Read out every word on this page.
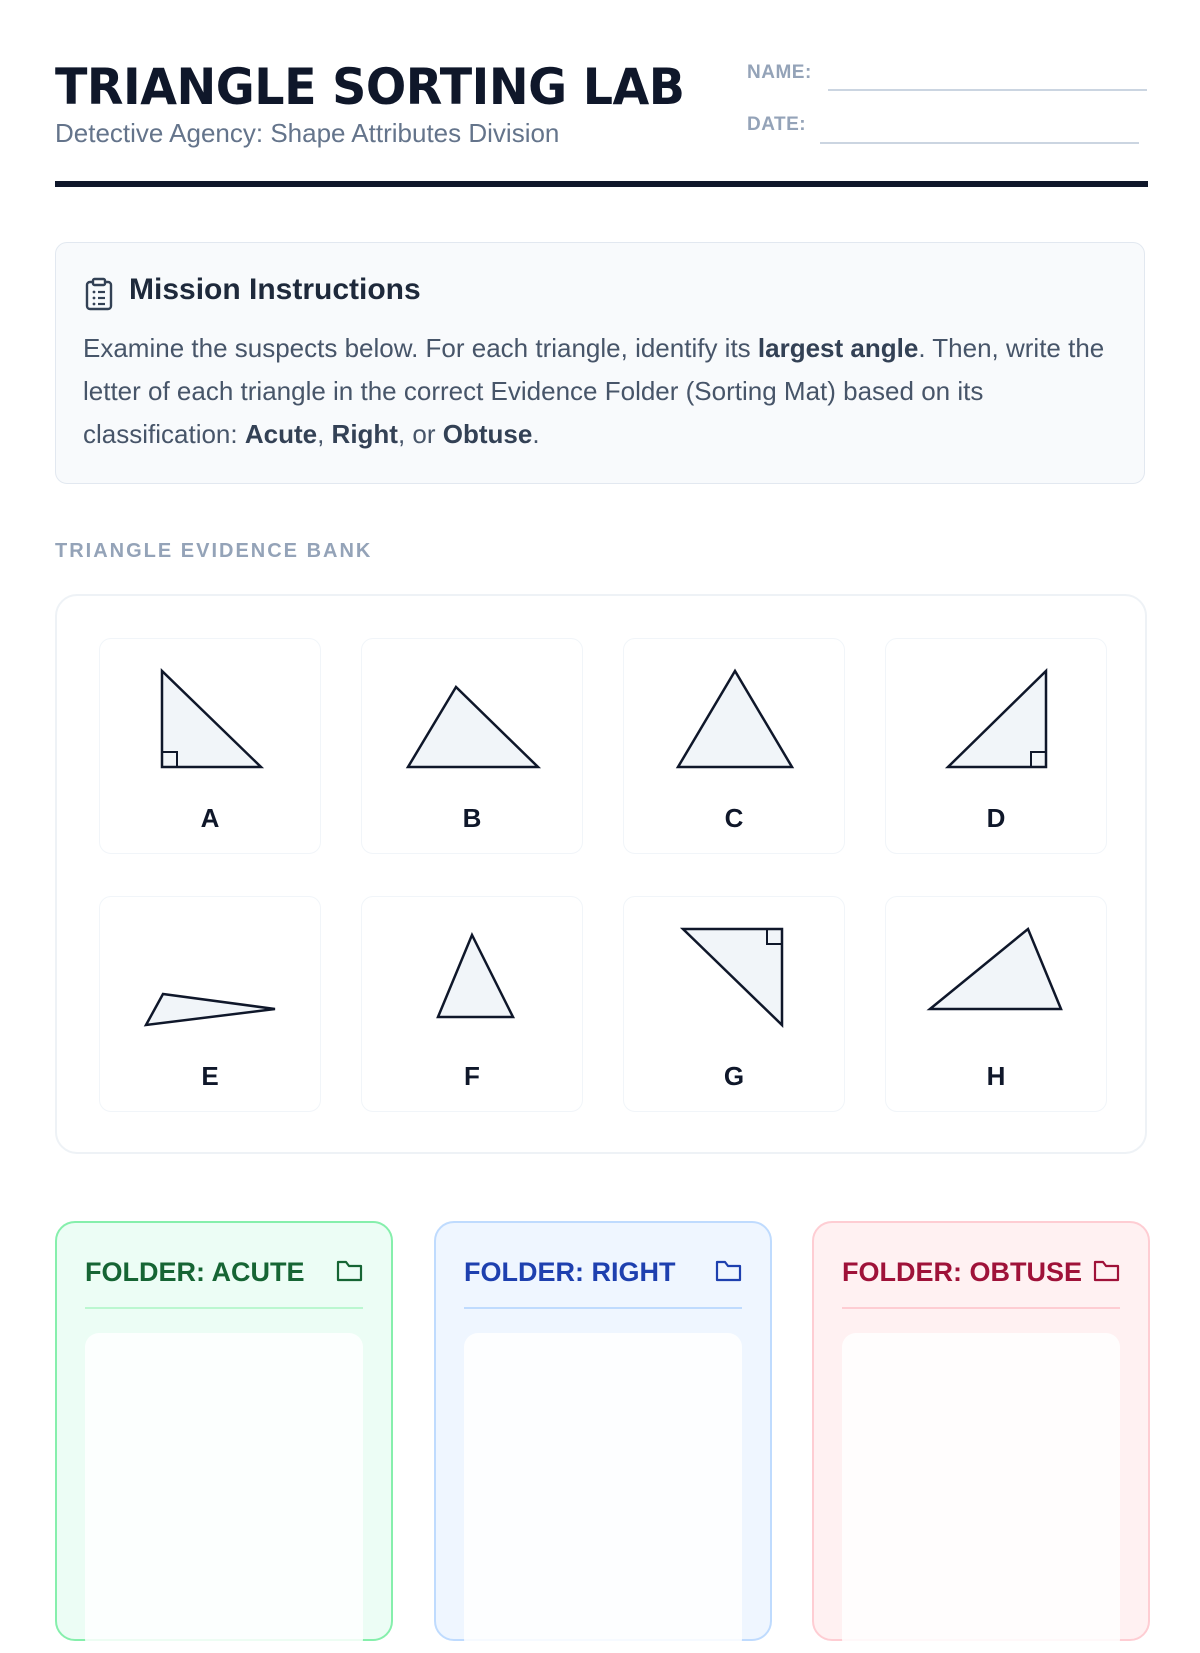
TRIANGLE SORTING LAB
Detective Agency: Shape Attributes Division
NAME:
DATE:
Mission Instructions
Examine the suspects below. For each triangle, identify its largest angle. Then, write the letter of each triangle in the correct Evidence Folder (Sorting Mat) based on its classification: Acute, Right, or Obtuse.
TRIANGLE EVIDENCE BANK
A	B	C	D
E	F	G	H
FOLDER: ACUTE	FOLDER: RIGHT	FOLDER: OBTUSE
